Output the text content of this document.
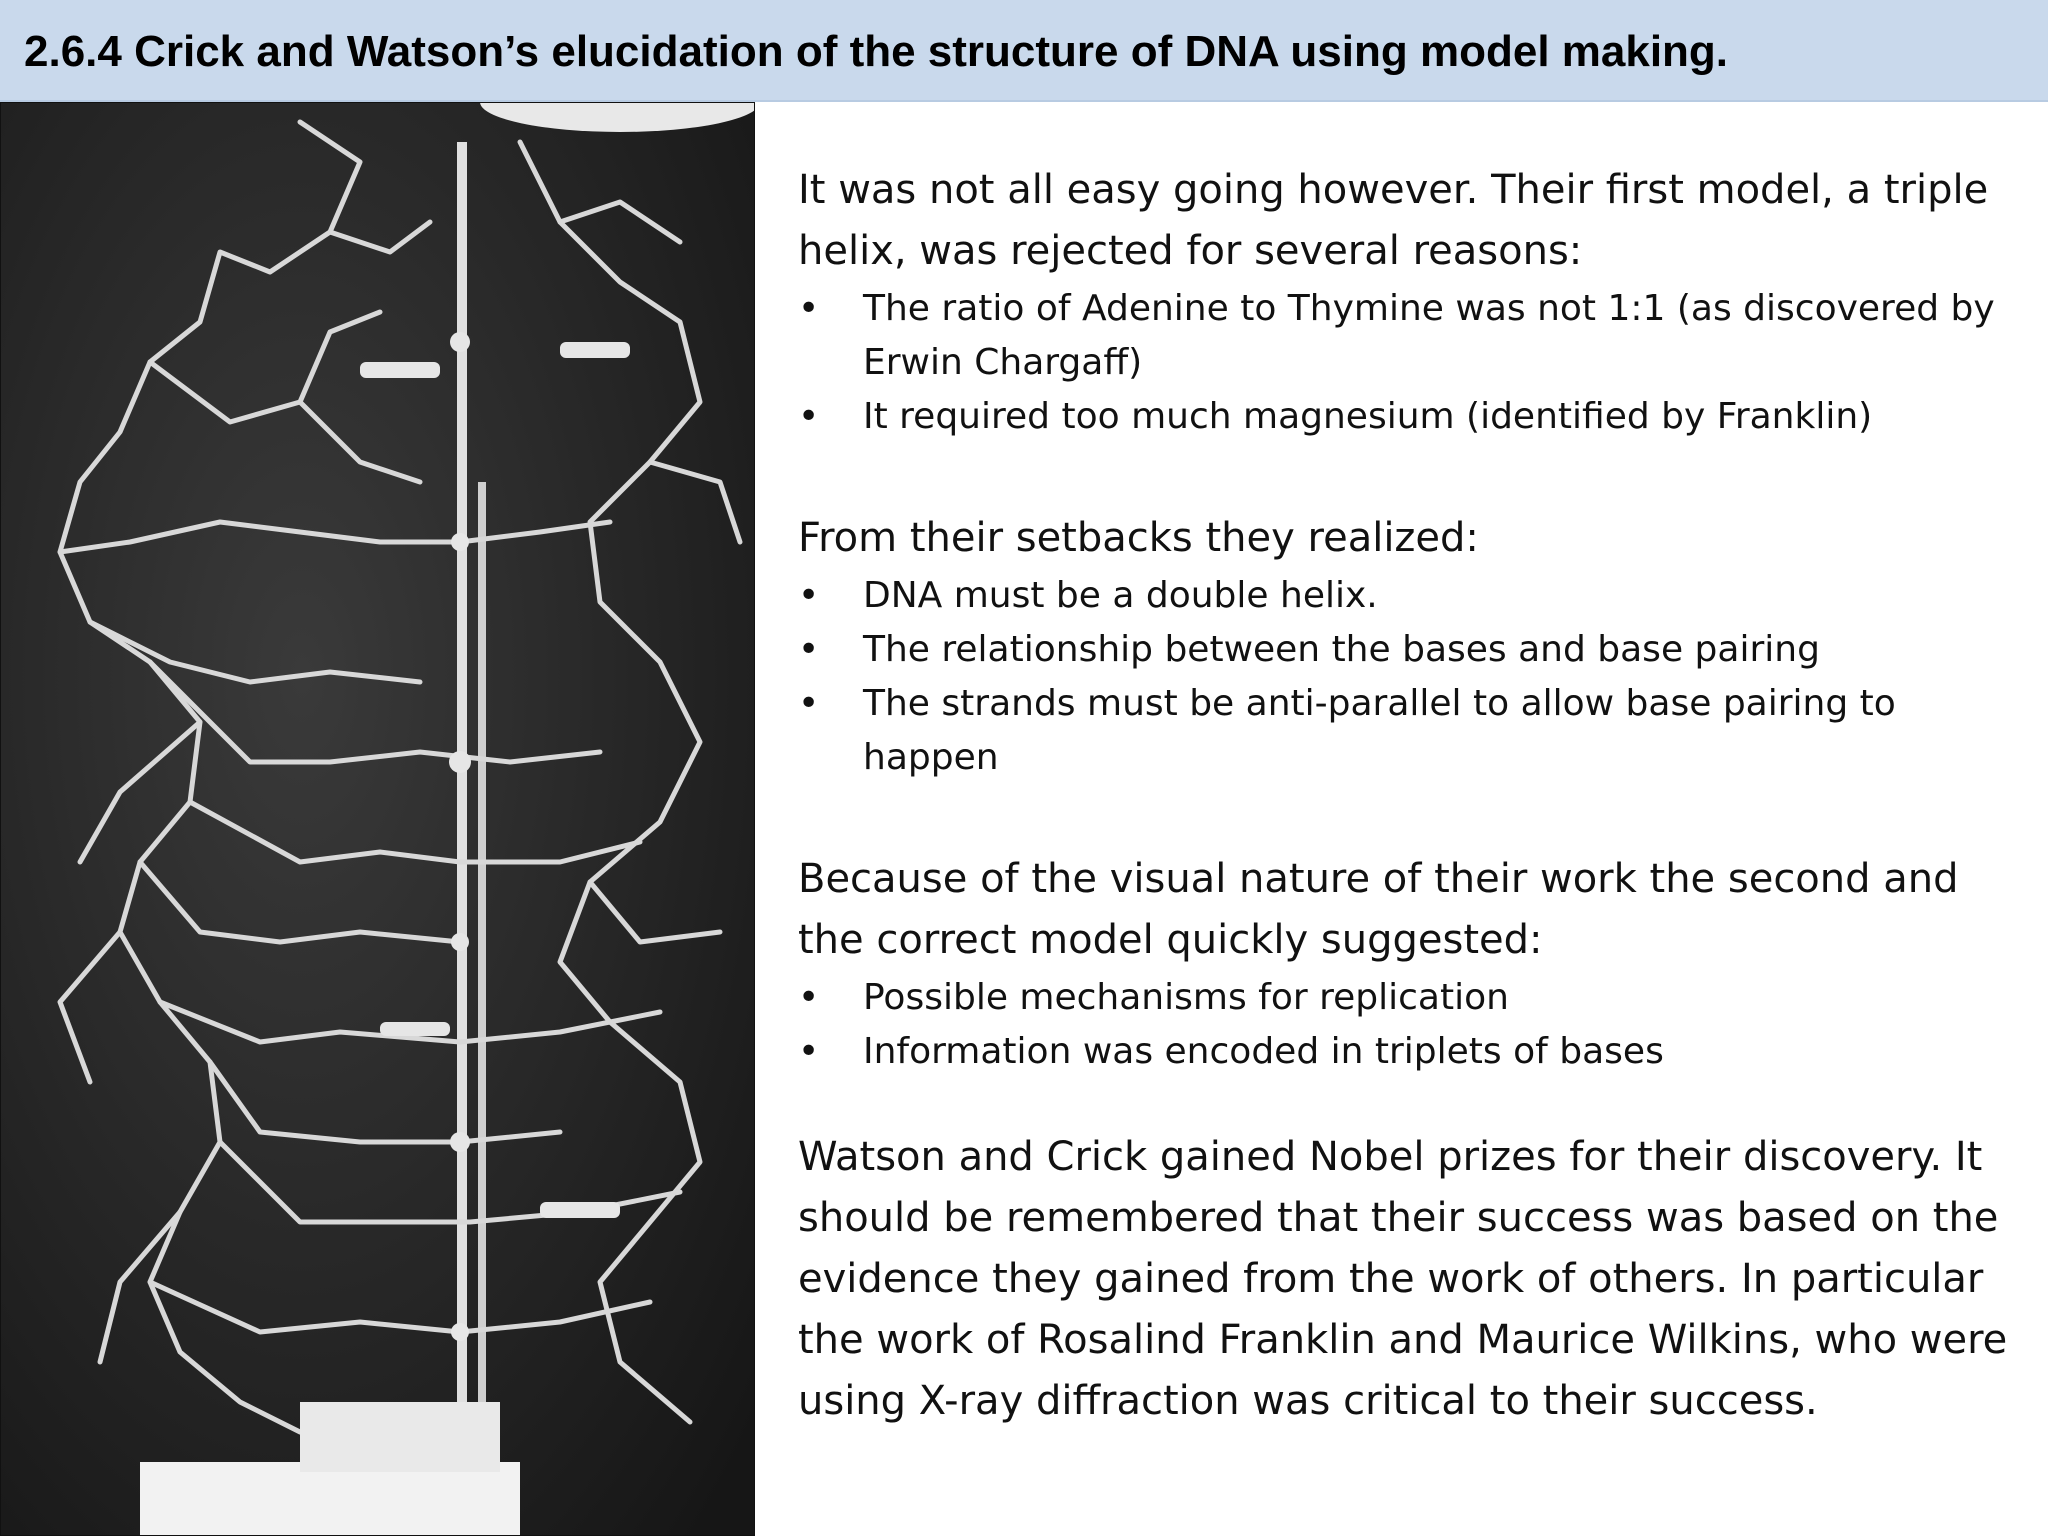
2.6.4 Crick and Watson’s elucidation of the structure of DNA using model making.

It was not all easy going however. Their first model, a triple helix, was rejected for several reasons:

•	The ratio of Adenine to Thymine was not 1:1 (as discovered by Erwin Chargaff)
•	It required too much magnesium (identified by Franklin)

From their setbacks they realized:

•	DNA must be a double helix.
•	The relationship between the bases and base pairing
•	The strands must be anti-parallel to allow base pairing to happen

Because of the visual nature of their work the second and the correct model quickly suggested:

•	Possible mechanisms for replication
•	Information was encoded in triplets of bases

Watson and Crick gained Nobel prizes for their discovery. It should be remembered that their success was based on the evidence they gained from the work of others. In particular the work of Rosalind Franklin and Maurice Wilkins, who were using X-ray diffraction was critical to their success.
